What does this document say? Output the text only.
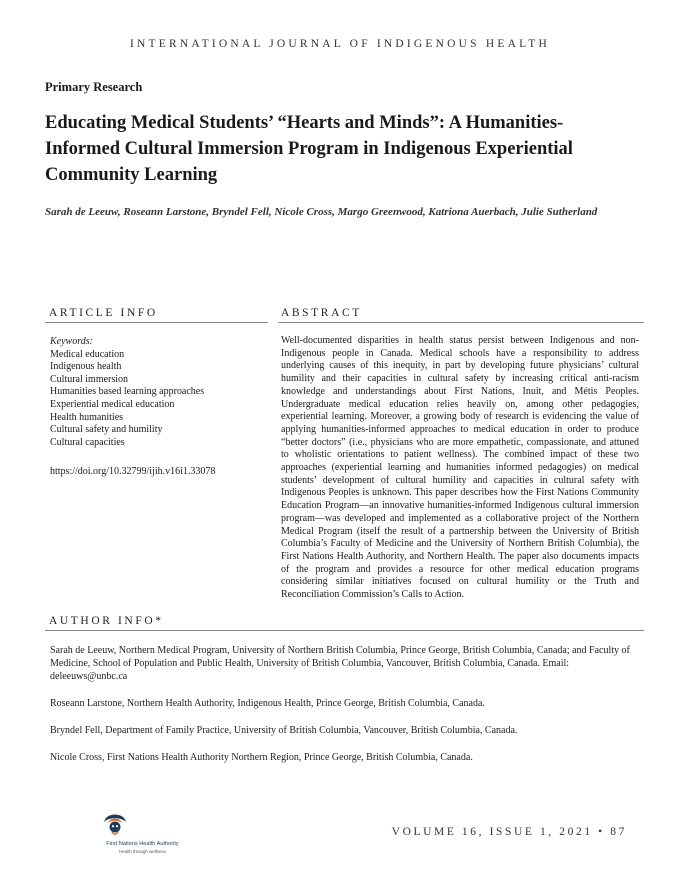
INTERNATIONAL JOURNAL OF INDIGENOUS HEALTH
Primary Research
Educating Medical Students’ “Hearts and Minds”: A Humanities-Informed Cultural Immersion Program in Indigenous Experiential Community Learning
Sarah de Leeuw, Roseann Larstone, Bryndel Fell, Nicole Cross, Margo Greenwood, Katriona Auerbach, Julie Sutherland
ARTICLE INFO	ABSTRACT
Keywords:
Medical education
Indigenous health
Cultural immersion
Humanities based learning approaches
Experiential medical education
Health humanities
Cultural safety and humility
Cultural capacities
https://doi.org/10.32799/ijih.v16i1.33078

Well-documented disparities in health status persist between Indigenous and non-Indigenous people in Canada. Medical schools have a responsibility to address underlying causes of this inequity, in part by developing future physicians’ cultural humility and their capacities in cultural safety by increasing critical anti-racism knowledge and understandings about First Nations, Inuit, and Métis Peoples. Undergraduate medical education relies heavily on, among other pedagogies, experiential learning. Moreover, a growing body of research is evidencing the value of applying humanities-informed approaches to medical education in order to produce “better doctors” (i.e., physicians who are more empathetic, compassionate, and attuned to wholistic orientations to patient wellness). The combined impact of these two approaches (experiential learning and humanities informed pedagogies) on medical students’ development of cultural humility and capacities in cultural safety with Indigenous Peoples is unknown. This paper describes how the First Nations Community Education Program—an innovative humanities-informed Indigenous cultural immersion program—was developed and implemented as a collaborative project of the Northern Medical Program (itself the result of a partnership between the University of British Columbia’s Faculty of Medicine and the University of Northern British Columbia), the First Nations Health Authority, and Northern Health. The paper also documents impacts of the program and provides a resource for other medical education programs considering similar initiatives focused on cultural humility or the Truth and Reconciliation Commission’s Calls to Action.

AUTHOR INFO*

Sarah de Leeuw, Northern Medical Program, University of Northern British Columbia, Prince George, British Columbia, Canada; and Faculty of Medicine, School of Population and Public Health, University of British Columbia, Vancouver, British Columbia, Canada. Email: deleeuws@unbc.ca

Roseann Larstone, Northern Health Authority, Indigenous Health, Prince George, British Columbia, Canada.

Bryndel Fell, Department of Family Practice, University of British Columbia, Vancouver, British Columbia, Canada.

Nicole Cross, First Nations Health Authority Northern Region, Prince George, British Columbia, Canada.

First Nations Health Authority
Health through wellness
VOLUME 16, ISSUE 1, 2021 • 87
